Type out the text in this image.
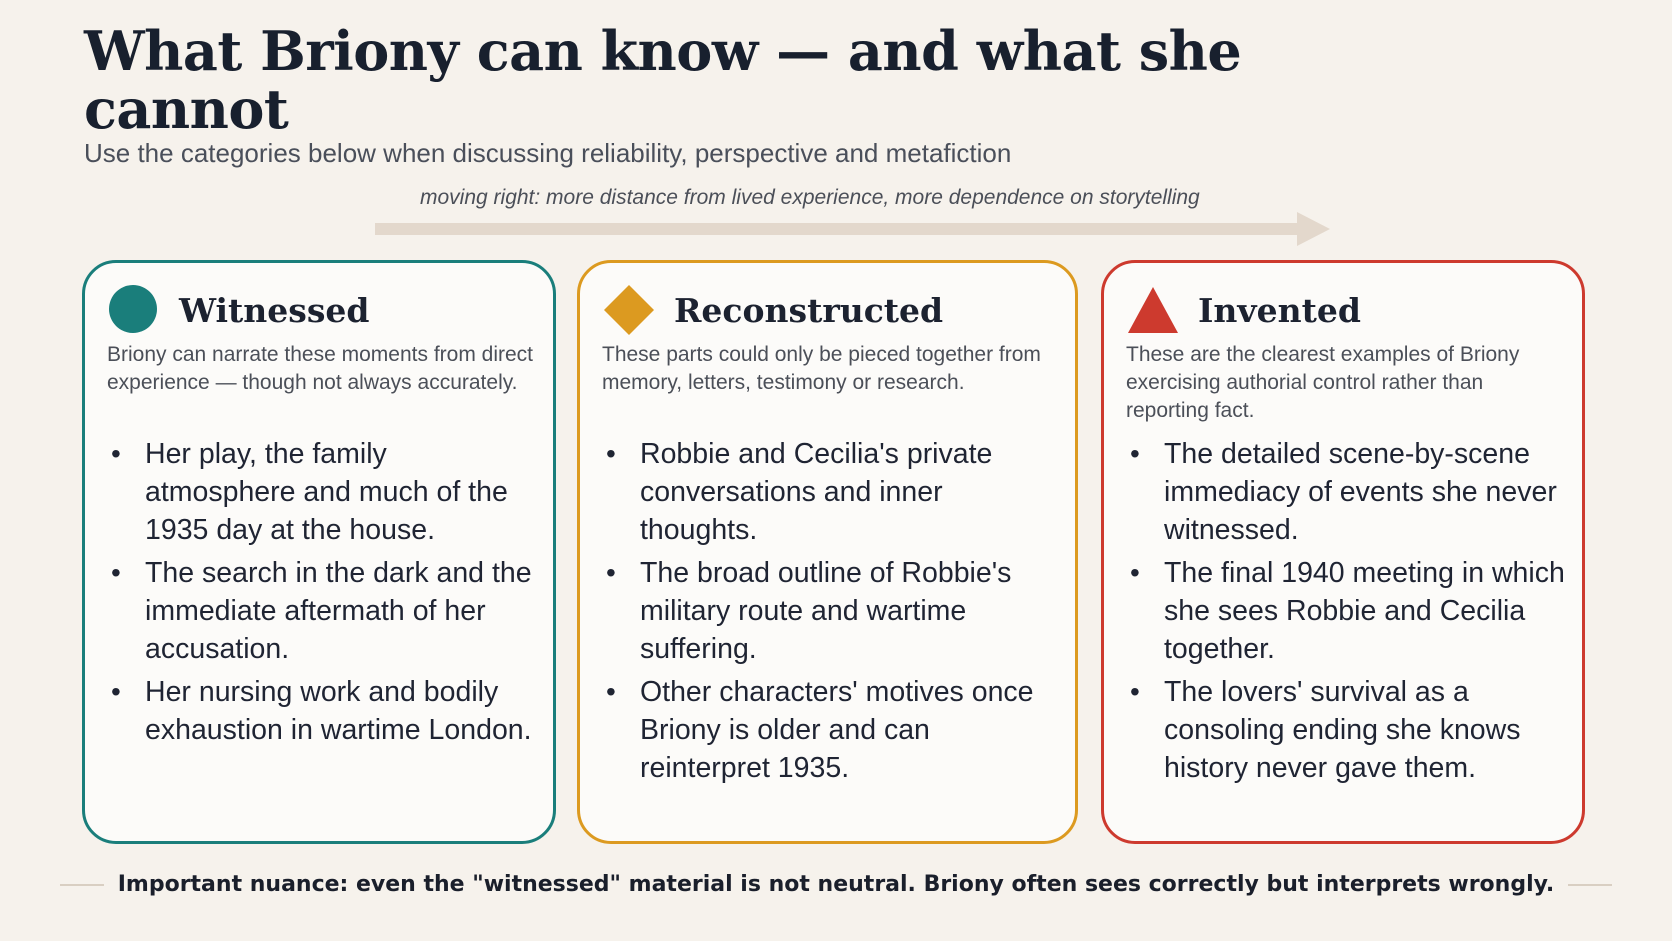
What Briony can know — and what she cannot
Use the categories below when discussing reliability, perspective and metafiction
moving right: more distance from lived experience, more dependence on storytelling
Witnessed
Briony can narrate these moments from direct experience — though not always accurately.
• Her play, the family atmosphere and much of the 1935 day at the house.
• The search in the dark and the immediate aftermath of her accusation.
• Her nursing work and bodily exhaustion in wartime London.
Reconstructed
These parts could only be pieced together from memory, letters, testimony or research.
• Robbie and Cecilia's private conversations and inner thoughts.
• The broad outline of Robbie's military route and wartime suffering.
• Other characters' motives once Briony is older and can reinterpret 1935.
Invented
These are the clearest examples of Briony exercising authorial control rather than reporting fact.
• The detailed scene-by-scene immediacy of events she never witnessed.
• The final 1940 meeting in which she sees Robbie and Cecilia together.
• The lovers' survival as a consoling ending she knows history never gave them.
Important nuance: even the "witnessed" material is not neutral. Briony often sees correctly but interprets wrongly.
